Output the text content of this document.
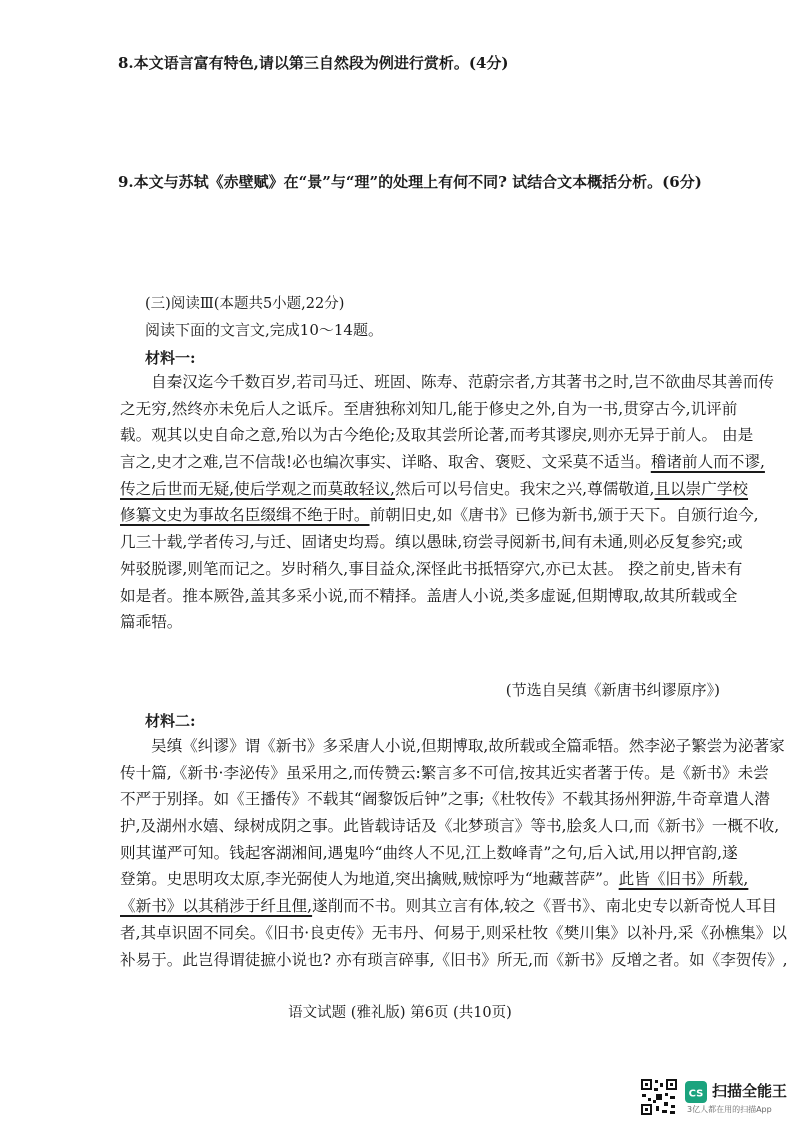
8.本文语言富有特色,请以第三自然段为例进行赏析。(4分)
9.本文与苏轼《赤壁赋》在“景”与“理”的处理上有何不同? 试结合文本概括分析。(6分)
(三)阅读Ⅲ(本题共5小题,22分)
阅读下面的文言文,完成10～14题。
材料一:
自秦汉迄今千数百岁,若司马迁、班固、陈寿、范蔚宗者,方其著书之时,岂不欲曲尽其善而传
之无穷,然终亦未免后人之诋斥。至唐独称刘知几,能于修史之外,自为一书,贯穿古今,讥评前
载。观其以史自命之意,殆以为古今绝伦;及取其尝所论著,而考其谬戾,则亦无异于前人。 由是
言之,史才之难,岂不信哉!必也编次事实、详略、取舍、褒贬、文采莫不适当。稽诸前人而不谬,
传之后世而无疑,使后学观之而莫敢轻议,然后可以号信史。我宋之兴,尊儒敬道,且以崇广学校
修纂文史为事故名臣缀缉不绝于时。前朝旧史,如《唐书》已修为新书,颁于天下。自颁行迨今,
几三十载,学者传习,与迁、固诸史均焉。缜以愚昧,窃尝寻阅新书,间有未通,则必反复参究;或
舛驳脱谬,则笔而记之。岁时稍久,事目益众,深怪此书抵牾穿穴,亦已太甚。 揆之前史,皆未有
如是者。推本厥咎,盖其多采小说,而不精择。盖唐人小说,类多虚诞,但期博取,故其所载或全
篇乖牾。
(节选自吴缜《新唐书纠谬原序》)
材料二:
吴缜《纠谬》谓《新书》多采唐人小说,但期博取,故所载或全篇乖牾。然李泌子繁尝为泌著家
传十篇,《新书·李泌传》虽采用之,而传赞云:繁言多不可信,按其近实者著于传。是《新书》未尝
不严于别择。如《王播传》不载其“阇黎饭后钟”之事;《杜牧传》不载其扬州狎游,牛奇章遣人潜
护,及湖州水嬉、绿树成阴之事。此皆载诗话及《北梦琐言》等书,脍炙人口,而《新书》一概不收,
则其谨严可知。钱起客湖湘间,遇鬼吟“曲终人不见,江上数峰青”之句,后入试,用以押官韵,遂
登第。史思明攻太原,李光弼使人为地道,突出擒贼,贼惊呼为“地藏菩萨”。此皆《旧书》所载,
《新书》以其稍涉于纤且俚,遂削而不书。则其立言有体,较之《晋书》、南北史专以新奇悦人耳目
者,其卓识固不同矣。《旧书·良吏传》无韦丹、何易于,则采杜牧《樊川集》以补丹,采《孙樵集》以
补易于。此岂得谓徒摭小说也? 亦有琐言碎事,《旧书》所无,而《新书》反增之者。如《李贺传》,
语文试题 (雅礼版) 第6页 (共10页)
CS 扫描全能王
3亿人都在用的扫描App
